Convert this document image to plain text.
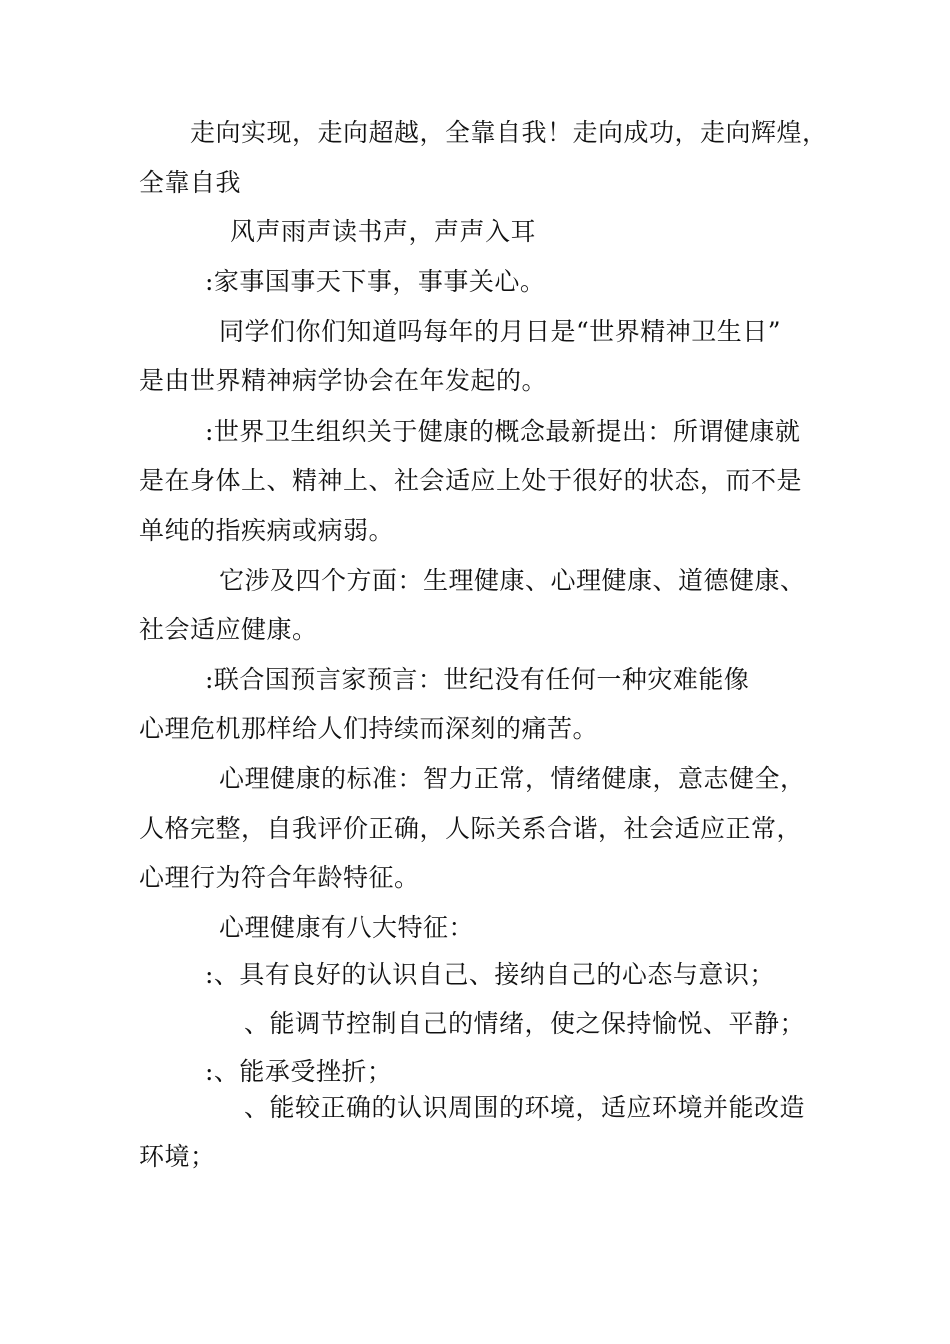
走向实现，走向超越，全靠自我！走向成功，走向辉煌，
全靠自我
风声雨声读书声，声声入耳
:家事国事天下事，事事关心。
同学们你们知道吗每年的月日是“世界精神卫生日”
是由世界精神病学协会在年发起的。
:世界卫生组织关于健康的概念最新提出：所谓健康就
是在身体上、精神上、社会适应上处于很好的状态，而不是
单纯的指疾病或病弱。
它涉及四个方面：生理健康、心理健康、道德健康、
社会适应健康。
:联合国预言家预言：世纪没有任何一种灾难能像
心理危机那样给人们持续而深刻的痛苦。
心理健康的标准：智力正常，情绪健康，意志健全，
人格完整，自我评价正确，人际关系合谐，社会适应正常，
心理行为符合年龄特征。
心理健康有八大特征：
:、具有良好的认识自己、接纳自己的心态与意识；
、能调节控制自己的情绪，使之保持愉悦、平静；
:、能承受挫折；
、能较正确的认识周围的环境，适应环境并能改造
环境；
